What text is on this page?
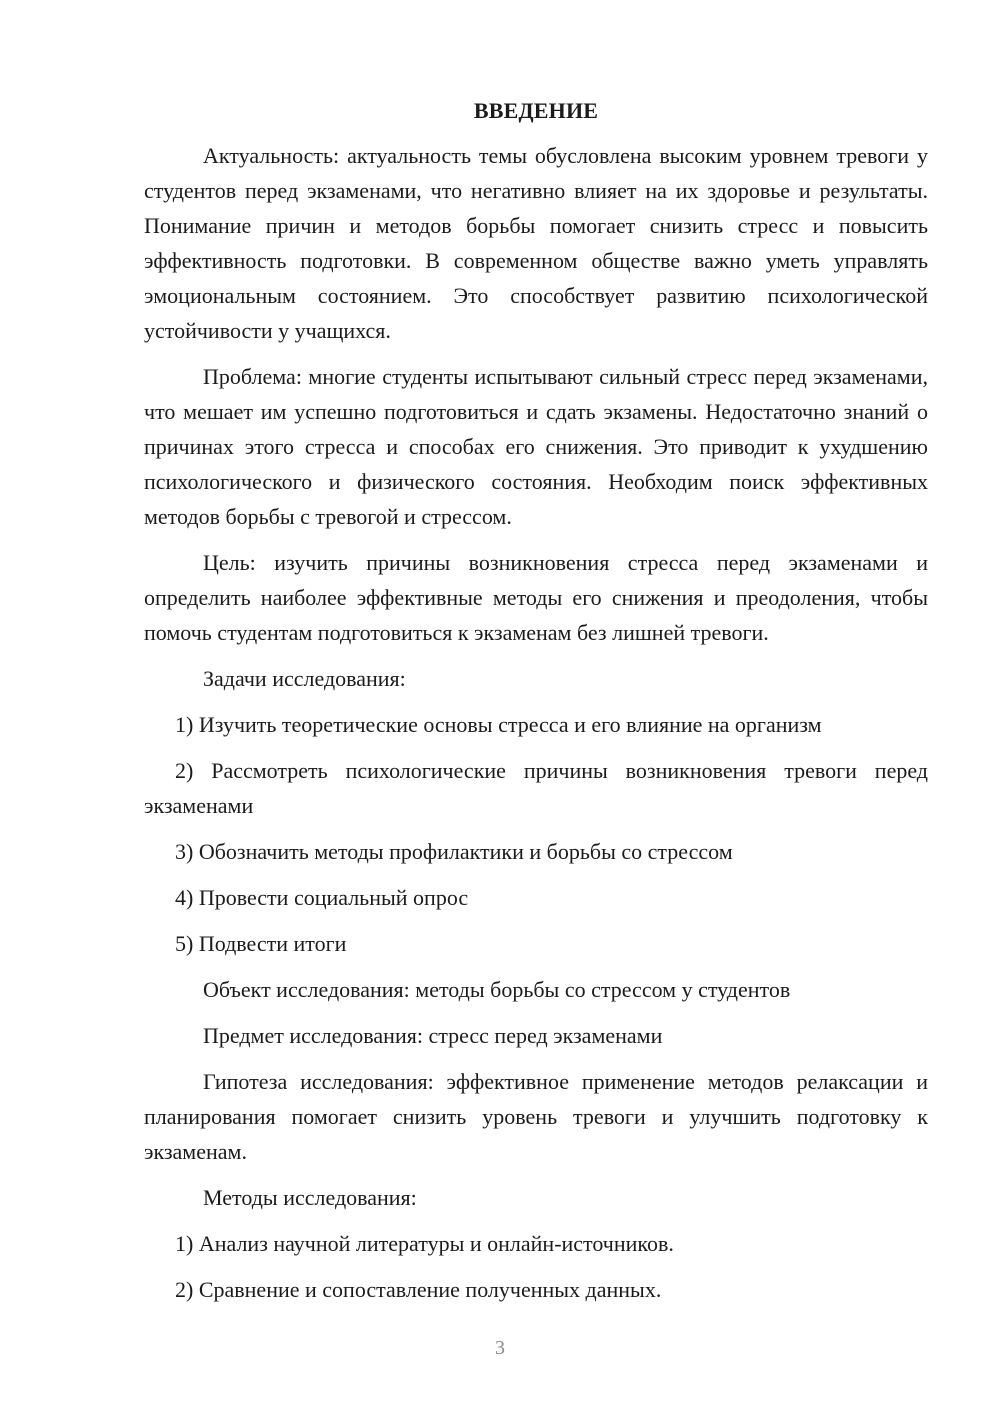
ВВЕДЕНИЕ

Актуальность: актуальность темы обусловлена высоким уровнем тревоги у студентов перед экзаменами, что негативно влияет на их здоровье и результаты. Понимание причин и методов борьбы помогает снизить стресс и повысить эффективность подготовки. В современном обществе важно уметь управлять эмоциональным состоянием. Это способствует развитию психологической устойчивости у учащихся.

Проблема: многие студенты испытывают сильный стресс перед экзаменами, что мешает им успешно подготовиться и сдать экзамены. Недостаточно знаний о причинах этого стресса и способах его снижения. Это приводит к ухудшению психологического и физического состояния. Необходим поиск эффективных методов борьбы с тревогой и стрессом.

Цель: изучить причины возникновения стресса перед экзаменами и определить наиболее эффективные методы его снижения и преодоления, чтобы помочь студентам подготовиться к экзаменам без лишней тревоги.

Задачи исследования:

1) Изучить теоретические основы стресса и его влияние на организм

2) Рассмотреть психологические причины возникновения тревоги перед экзаменами

3) Обозначить методы профилактики и борьбы со стрессом

4) Провести социальный опрос

5) Подвести итоги

Объект исследования: методы борьбы со стрессом у студентов

Предмет исследования: стресс перед экзаменами

Гипотеза исследования: эффективное применение методов релаксации и планирования помогает снизить уровень тревоги и улучшить подготовку к экзаменам.

Методы исследования:

1) Анализ научной литературы и онлайн-источников.

2) Сравнение и сопоставление полученных данных.

3
